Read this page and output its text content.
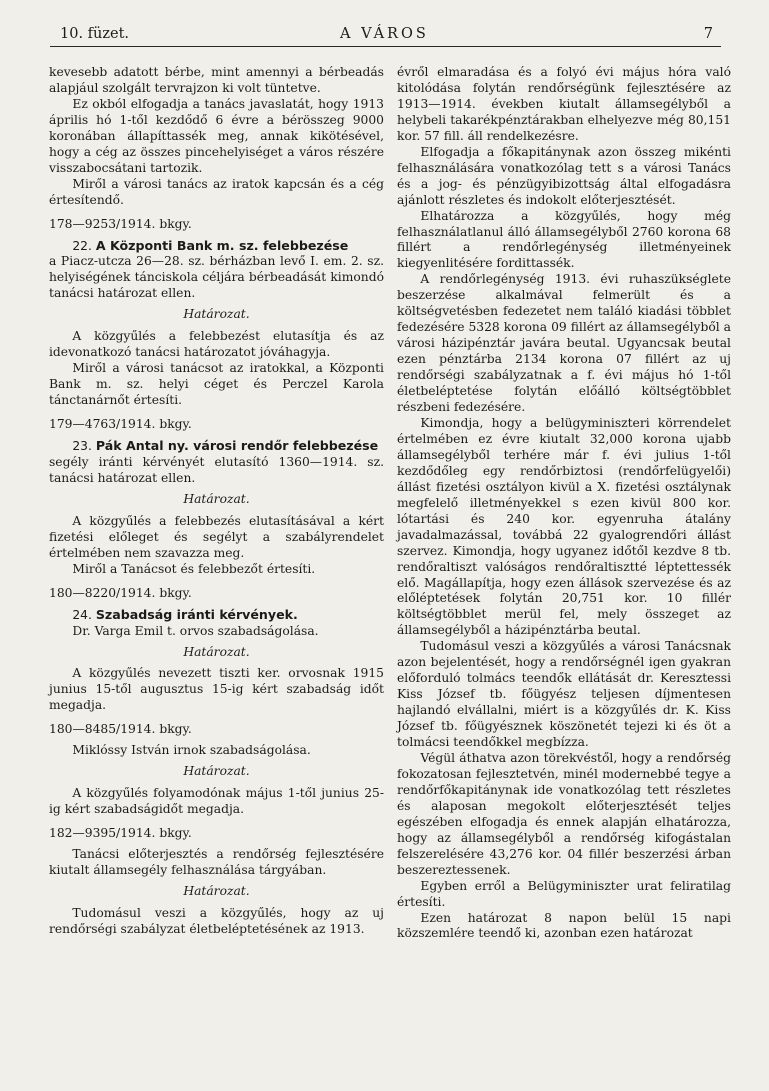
10. füzet.	A VÁROS	7

kevesebb adatott bérbe, mint amennyi a bérbeadás alapjául szolgált tervrajzon ki volt tüntetve.

Ez okból elfogadja a tanács javaslatát, hogy 1913 április hó 1-től kezdődő 6 évre a bérösszeg 9000 koronában állapíttassék meg, annak kikötésével, hogy a cég az összes pincehelyiséget a város részére visszabocsátani tartozik.

Miről a városi tanács az iratok kapcsán és a cég értesítendő.

178—9253/1914. bkgy.

22. A Központi Bank m. sz. felebbezése

a Piacz-utcza 26—28. sz. bérházban levő I. em. 2. sz. helyiségének tánciskola céljára bérbeadását kimondó tanácsi határozat ellen.

Határozat.

A közgyűlés a felebbezést elutasítja és az idevonatkozó tanácsi határozatot jóváhagyja.

Miről a városi tanácsot az iratokkal, a Központi Bank m. sz. helyi céget és Perczel Karola tánctanárnőt értesíti.

179—4763/1914. bkgy.

23. Pák Antal ny. városi rendőr felebbezése

segély iránti kérvényét elutasító 1360—1914. sz. tanácsi határozat ellen.

Határozat.

A közgyűlés a felebbezés elutasításával a kért fizetési előleget és segélyt a szabályrendelet értelmében nem szavazza meg.

Miről a Tanácsot és felebbezőt értesíti.

180—8220/1914. bkgy.

24. Szabadság iránti kérvények.

Dr. Varga Emil t. orvos szabadságolása.

Határozat.

A közgyűlés nevezett tiszti ker. orvosnak 1915 junius 15-től augusztus 15-ig kért szabadság időt megadja.

180—8485/1914. bkgy.

Miklóssy István irnok szabadságolása.

Határozat.

A közgyűlés folyamodónak május 1-től junius 25-ig kért szabadságidőt megadja.

182—9395/1914. bkgy.

Tanácsi előterjesztés a rendőrség fejlesztésére kiutalt államsegély felhasználása tárgyában.

Határozat.

Tudomásul veszi a közgyűlés, hogy az uj rendőrségi szabályzat életbeléptetésének az 1913.

évről elmaradása és a folyó évi május hóra való kitolódása folytán rendőrségünk fejlesztésére az 1913—1914. években kiutalt államsegélyből a helybeli takarékpénztárakban elhelyezve még 80,151 kor. 57 fill. áll rendelkezésre.

Elfogadja a főkapitánynak azon összeg mikénti felhasználására vonatkozólag tett s a városi Tanács és a jog- és pénzügyibizottság által elfogadásra ajánlott részletes és indokolt előterjesztését.

Elhatározza a közgyűlés, hogy még felhasználatlanul álló államsegélyből 2760 korona 68 fillért a rendőrlegénység illetményeinek kiegyenlitésére fordittassék.

A rendőrlegénység 1913. évi ruhaszükséglete beszerzése alkalmával felmerült és a költségvetésben fedezetet nem találó kiadási többlet fedezésére 5328 korona 09 fillért az államsegélyből a városi házipénztár javára beutal. Ugyancsak beutal ezen pénztárba 2134 korona 07 fillért az uj rendőrségi szabályzatnak a f. évi május hó 1-től életbeléptetése folytán előálló költségtöbblet részbeni fedezésére.

Kimondja, hogy a belügyminiszteri körrendelet értelmében ez évre kiutalt 32,000 korona ujabb államsegélyből terhére már f. évi julius 1-től kezdődőleg egy rendőrbiztosi (rendőrfelügyelői) állást fizetési osztályon kivül a X. fizetési osztálynak megfelelő illetményekkel s ezen kivül 800 kor. lótartási és 240 kor. egyenruha átalány javadalmazással, továbbá 22 gyalogrendőri állást szervez. Kimondja, hogy ugyanez időtől kezdve 8 tb. rendőraltiszt valóságos rendőraltisztté léptettessék elő. Magállapítja, hogy ezen állások szervezése és az előléptetések folytán 20,751 kor. 10 fillér költségtöbblet merül fel, mely összeget az államsegélyből a házipénztárba beutal.

Tudomásul veszi a közgyűlés a városi Tanácsnak azon bejelentését, hogy a rendőrségnél igen gyakran előforduló tolmács teendők ellátását dr. Keresztessi Kiss József tb. főügyész teljesen díjmentesen hajlandó elvállalni, miért is a közgyűlés dr. K. Kiss József tb. főügyésznek köszönetét tejezi ki és öt a tolmácsi teendőkkel megbízza.

Végül áthatva azon törekvéstől, hogy a rendőrség fokozatosan fejlesztetvén, minél modernebbé tegye a rendőrfőkapitánynak ide vonatkozólag tett részletes és alaposan megokolt előterjesztését teljes egészében elfogadja és ennek alapján elhatározza, hogy az államsegélyből a rendőrség kifogástalan felszerelésére 43,276 kor. 04 fillér beszerzési árban beszereztessenek.

Egyben erről a Belügyminiszter urat feliratilag értesíti.

Ezen határozat 8 napon belül 15 napi közszemlére teendő ki, azonban ezen határozat
